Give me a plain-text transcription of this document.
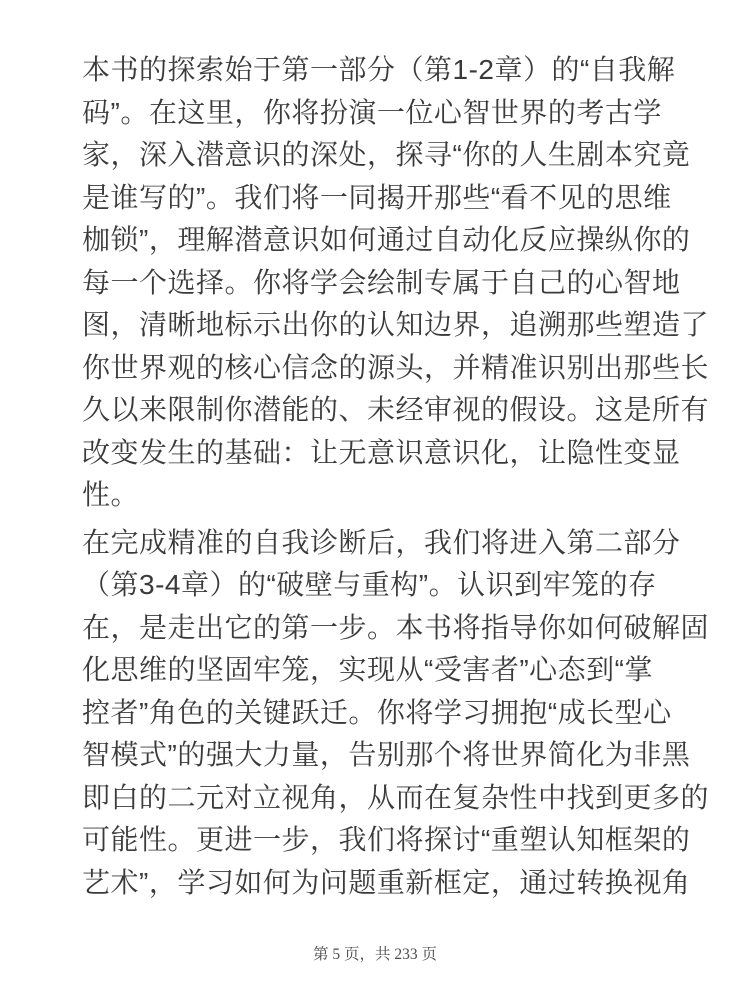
本书的探索始于第一部分（第1-2章）的“自我解
码”。在这里，你将扮演一位心智世界的考古学
家，深入潜意识的深处，探寻“你的人生剧本究竟
是谁写的”。我们将一同揭开那些“看不见的思维
枷锁”，理解潜意识如何通过自动化反应操纵你的
每一个选择。你将学会绘制专属于自己的心智地
图，清晰地标示出你的认知边界，追溯那些塑造了
你世界观的核心信念的源头，并精准识别出那些长
久以来限制你潜能的、未经审视的假设。这是所有
改变发生的基础：让无意识意识化，让隐性变显
性。
在完成精准的自我诊断后，我们将进入第二部分
（第3-4章）的“破壁与重构”。认识到牢笼的存
在，是走出它的第一步。本书将指导你如何破解固
化思维的坚固牢笼，实现从“受害者”心态到“掌
控者”角色的关键跃迁。你将学习拥抱“成长型心
智模式”的强大力量，告别那个将世界简化为非黑
即白的二元对立视角，从而在复杂性中找到更多的
可能性。更进一步，我们将探讨“重塑认知框架的
艺术”，学习如何为问题重新框定，通过转换视角
第 5 页，共 233 页
